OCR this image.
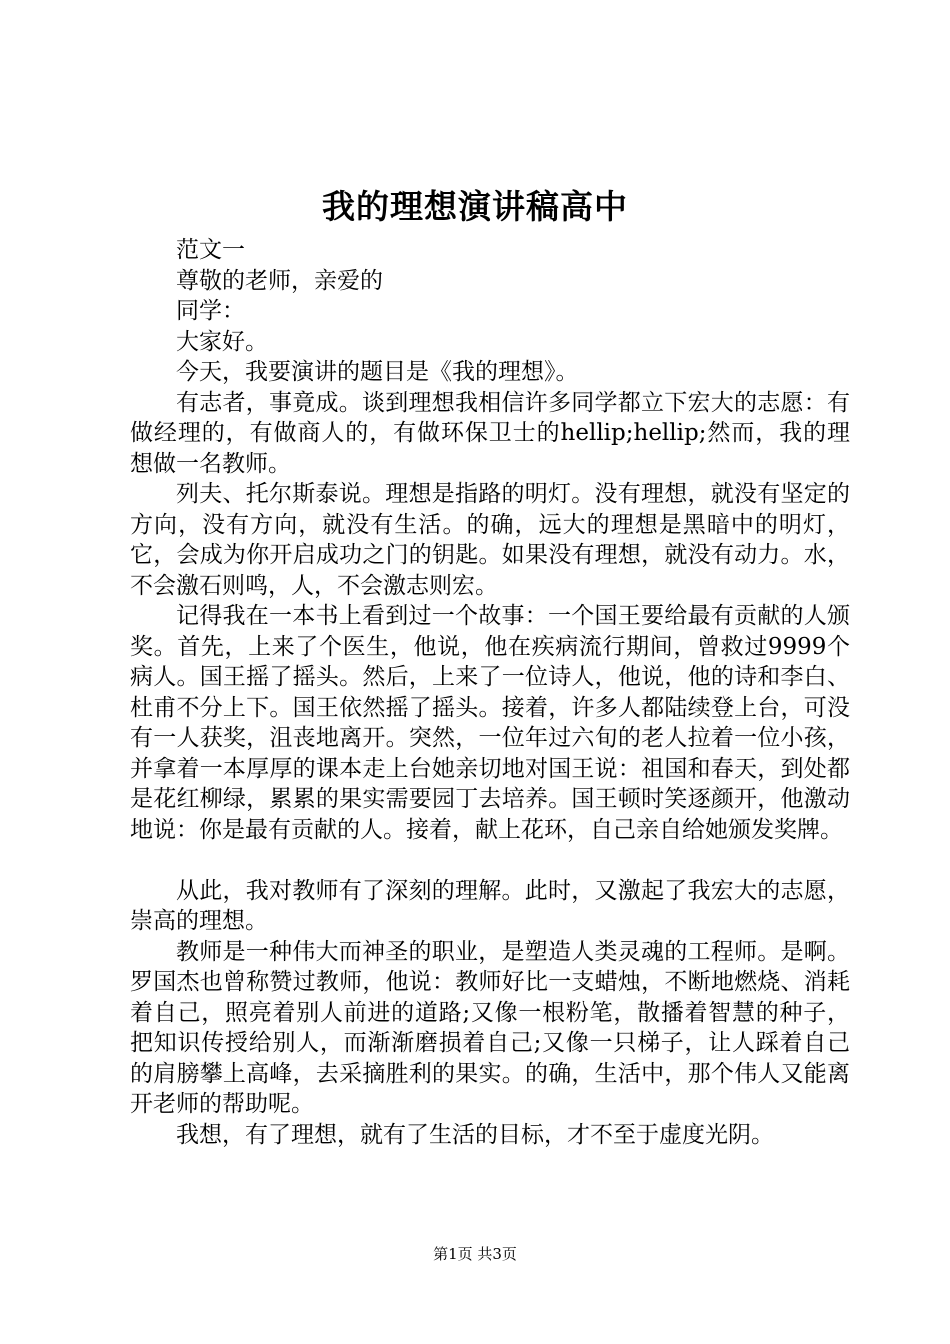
我的理想演讲稿高中

范文一

尊敬的老师，亲爱的

同学：

大家好。

今天，我要演讲的题目是《我的理想》。

有志者，事竟成。谈到理想我相信许多同学都立下宏大的志愿：有做经理的，有做商人的，有做环保卫士的hellip;hellip;然而，我的理想做一名教师。

列夫、托尔斯泰说。理想是指路的明灯。没有理想，就没有坚定的方向，没有方向，就没有生活。的确，远大的理想是黑暗中的明灯，它，会成为你开启成功之门的钥匙。如果没有理想，就没有动力。水，不会激石则鸣，人，不会激志则宏。

记得我在一本书上看到过一个故事：一个国王要给最有贡献的人颁奖。首先，上来了个医生，他说，他在疾病流行期间，曾救过9999个病人。国王摇了摇头。然后，上来了一位诗人，他说，他的诗和李白、杜甫不分上下。国王依然摇了摇头。接着，许多人都陆续登上台，可没有一人获奖，沮丧地离开。突然，一位年过六旬的老人拉着一位小孩，并拿着一本厚厚的课本走上台她亲切地对国王说：祖国和春天，到处都是花红柳绿，累累的果实需要园丁去培养。国王顿时笑逐颜开，他激动地说：你是最有贡献的人。接着，献上花环，自己亲自给她颁发奖牌。

从此，我对教师有了深刻的理解。此时，又激起了我宏大的志愿，崇高的理想。

教师是一种伟大而神圣的职业，是塑造人类灵魂的工程师。是啊。罗国杰也曾称赞过教师，他说：教师好比一支蜡烛，不断地燃烧、消耗着自己，照亮着别人前进的道路;又像一根粉笔，散播着智慧的种子，把知识传授给别人，而渐渐磨损着自己;又像一只梯子，让人踩着自己的肩膀攀上高峰，去采摘胜利的果实。的确，生活中，那个伟人又能离开老师的帮助呢。

我想，有了理想，就有了生活的目标，才不至于虚度光阴。

第1页 共3页
